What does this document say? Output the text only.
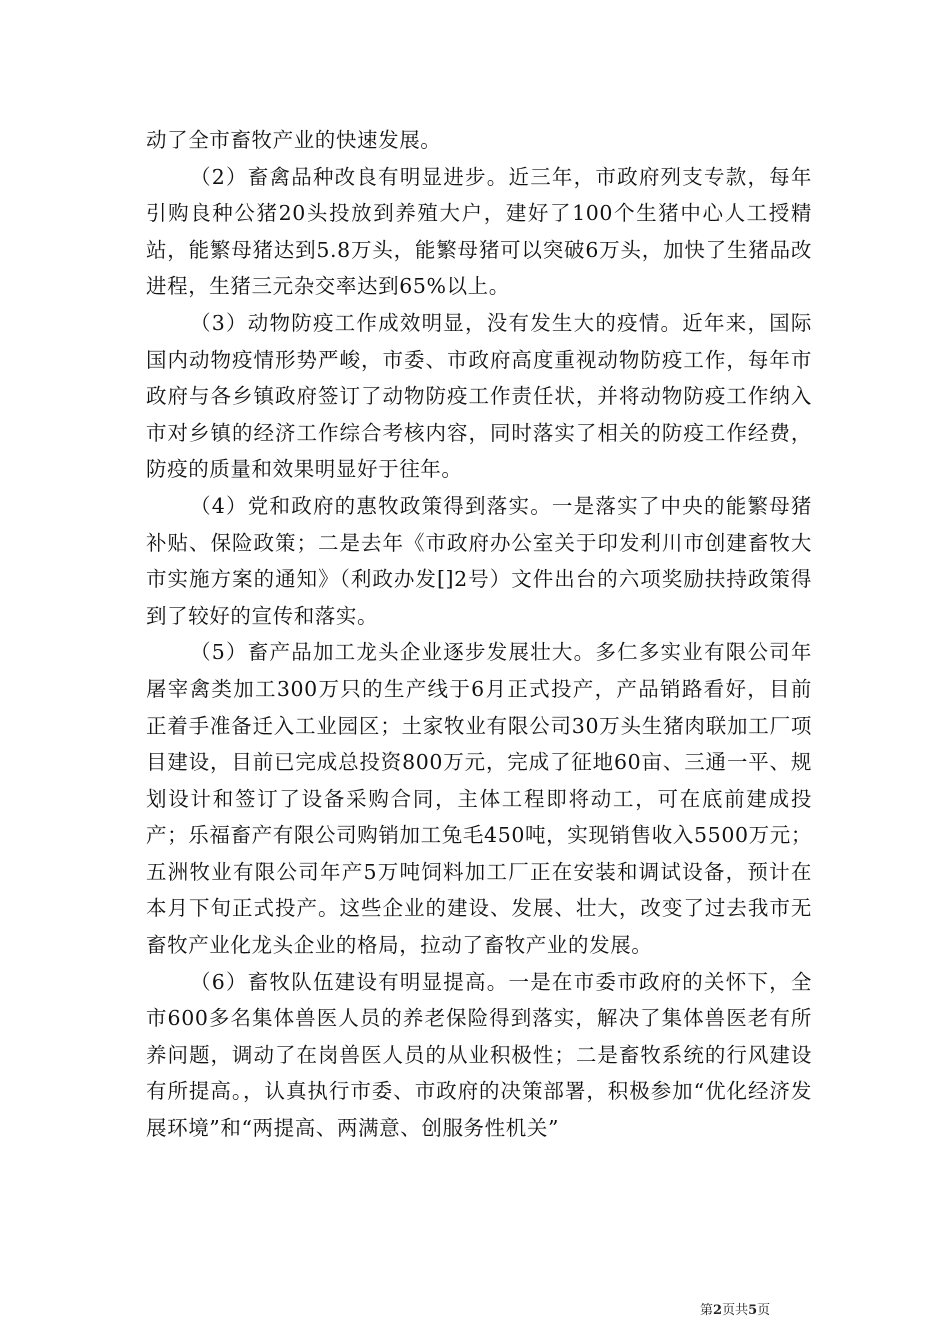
动了全市畜牧产业的快速发展。

（2）畜禽品种改良有明显进步。近三年，市政府列支专款，每年引购良种公猪20头投放到养殖大户，建好了100个生猪中心人工授精站，能繁母猪达到5.8万头，能繁母猪可以突破6万头，加快了生猪品改进程，生猪三元杂交率达到65%以上。

（3）动物防疫工作成效明显，没有发生大的疫情。近年来，国际国内动物疫情形势严峻，市委、市政府高度重视动物防疫工作，每年市政府与各乡镇政府签订了动物防疫工作责任状，并将动物防疫工作纳入市对乡镇的经济工作综合考核内容，同时落实了相关的防疫工作经费，防疫的质量和效果明显好于往年。

（4）党和政府的惠牧政策得到落实。一是落实了中央的能繁母猪补贴、保险政策；二是去年《市政府办公室关于印发利川市创建畜牧大市实施方案的通知》（利政办发[]2号）文件出台的六项奖励扶持政策得到了较好的宣传和落实。

（5）畜产品加工龙头企业逐步发展壮大。多仁多实业有限公司年屠宰禽类加工300万只的生产线于6月正式投产，产品销路看好，目前正着手准备迁入工业园区；土家牧业有限公司30万头生猪肉联加工厂项目建设，目前已完成总投资800万元，完成了征地60亩、三通一平、规划设计和签订了设备采购合同，主体工程即将动工，可在底前建成投产；乐福畜产有限公司购销加工兔毛450吨，实现销售收入5500万元；五洲牧业有限公司年产5万吨饲料加工厂正在安装和调试设备，预计在本月下旬正式投产。这些企业的建设、发展、壮大，改变了过去我市无畜牧产业化龙头企业的格局，拉动了畜牧产业的发展。

（6）畜牧队伍建设有明显提高。一是在市委市政府的关怀下，全市600多名集体兽医人员的养老保险得到落实，解决了集体兽医老有所养问题，调动了在岗兽医人员的从业积极性；二是畜牧系统的行风建设有所提高。，认真执行市委、市政府的决策部署，积极参加“优化经济发展环境”和“两提高、两满意、创服务性机关”

第2页共5页
